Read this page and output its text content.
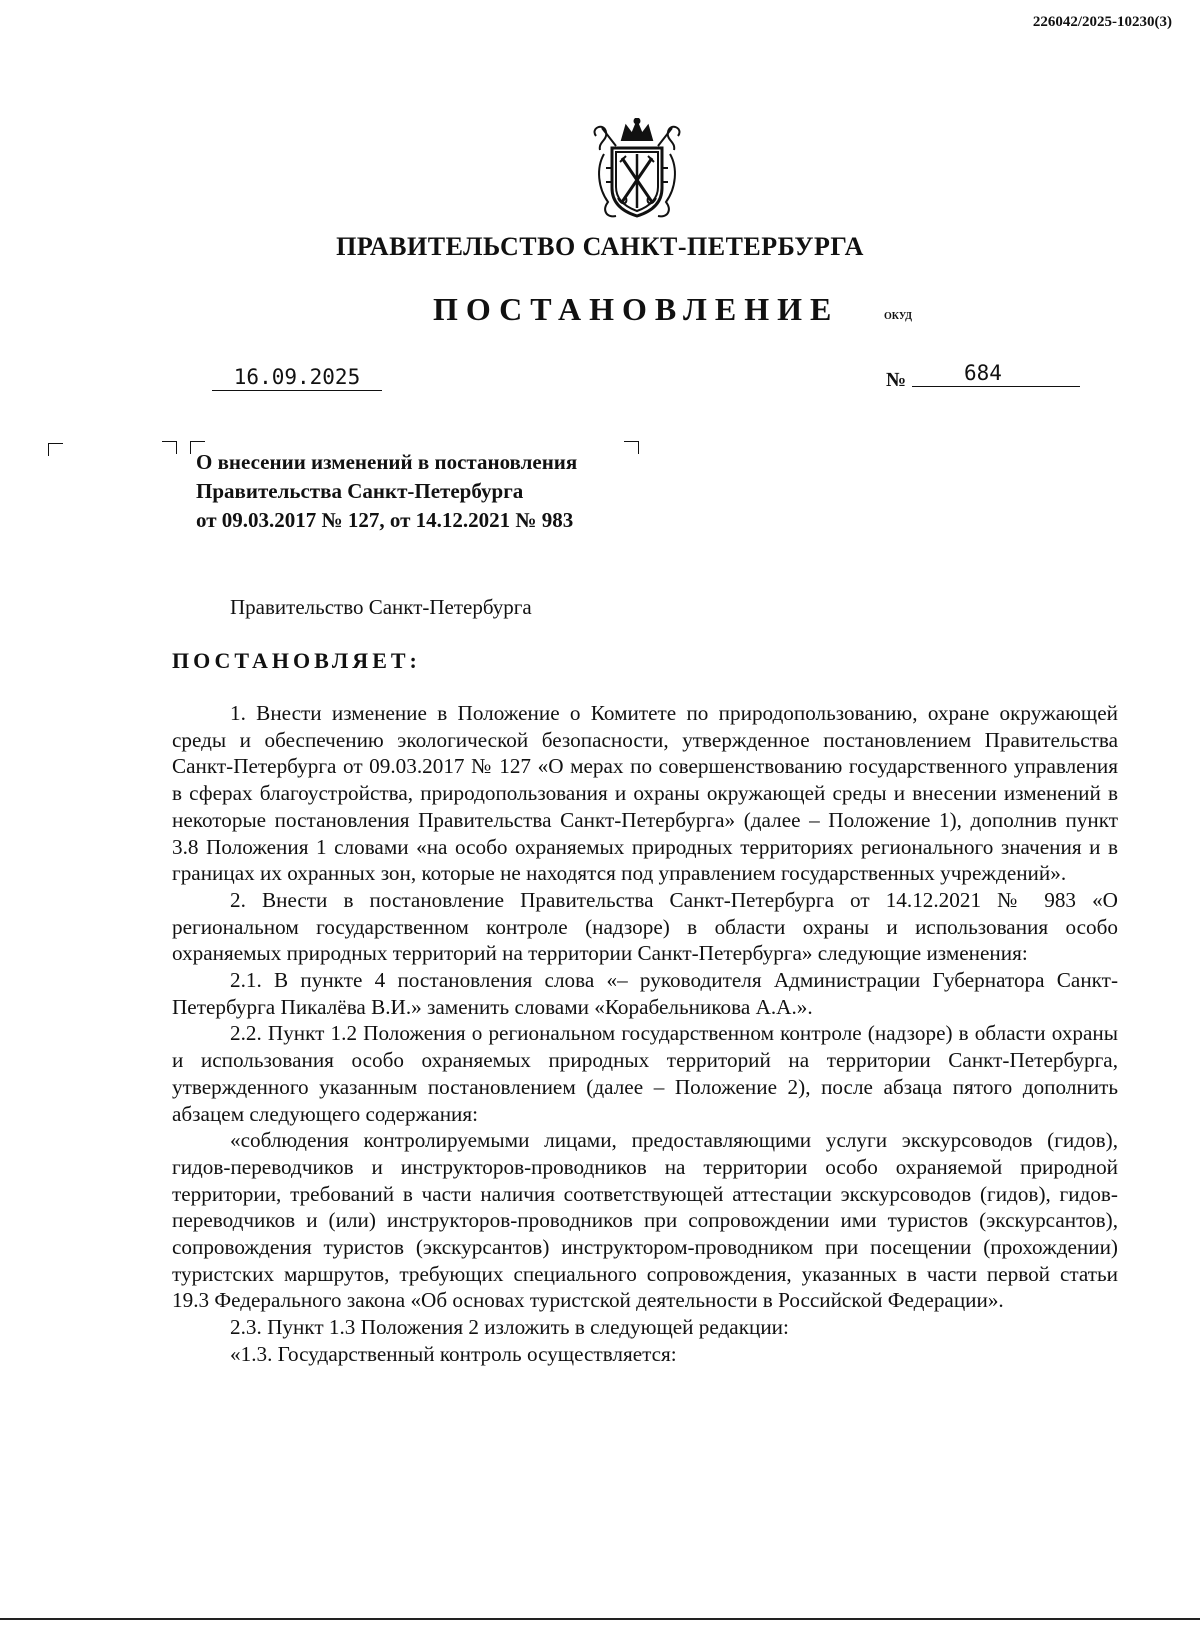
226042/2025-10230(3)
ПРАВИТЕЛЬСТВО САНКТ-ПЕТЕРБУРГА
ПОСТАНОВЛЕНИЕ	ОКУД
16.09.2025	№	684
О внесении изменений в постановления
Правительства Санкт-Петербурга
от 09.03.2017 № 127, от 14.12.2021 № 983
Правительство Санкт-Петербурга
ПОСТАНОВЛЯЕТ:

1. Внести изменение в Положение о Комитете по природопользованию, охране окружающей среды и обеспечению экологической безопасности, утвержденное постановлением Правительства Санкт-Петербурга от 09.03.2017 № 127 «О мерах по совершенствованию государственного управления в сферах благоустройства, природопользования и охраны окружающей среды и внесении изменений в некоторые постановления Правительства Санкт-Петербурга» (далее – Положение 1), дополнив пункт 3.8 Положения 1 словами «на особо охраняемых природных территориях регионального значения и в границах их охранных зон, которые не находятся под управлением государственных учреждений».

2. Внести в постановление Правительства Санкт-Петербурга от 14.12.2021 № 983 «О региональном государственном контроле (надзоре) в области охраны и использования особо охраняемых природных территорий на территории Санкт-Петербурга» следующие изменения:

2.1. В пункте 4 постановления слова «– руководителя Администрации Губернатора Санкт-Петербурга Пикалёва В.И.» заменить словами «Корабельникова А.А.».

2.2. Пункт 1.2 Положения о региональном государственном контроле (надзоре) в области охраны и использования особо охраняемых природных территорий на территории Санкт-Петербурга, утвержденного указанным постановлением (далее – Положение 2), после абзаца пятого дополнить абзацем следующего содержания:

«соблюдения контролируемыми лицами, предоставляющими услуги экскурсоводов (гидов), гидов-переводчиков и инструкторов-проводников на территории особо охраняемой природной территории, требований в части наличия соответствующей аттестации экскурсоводов (гидов), гидов-переводчиков и (или) инструкторов-проводников при сопровождении ими туристов (экскурсантов), сопровождения туристов (экскурсантов) инструктором-проводником при посещении (прохождении) туристских маршрутов, требующих специального сопровождения, указанных в части первой статьи 19.3 Федерального закона «Об основах туристской деятельности в Российской Федерации».

2.3. Пункт 1.3 Положения 2 изложить в следующей редакции:

«1.3. Государственный контроль осуществляется:
